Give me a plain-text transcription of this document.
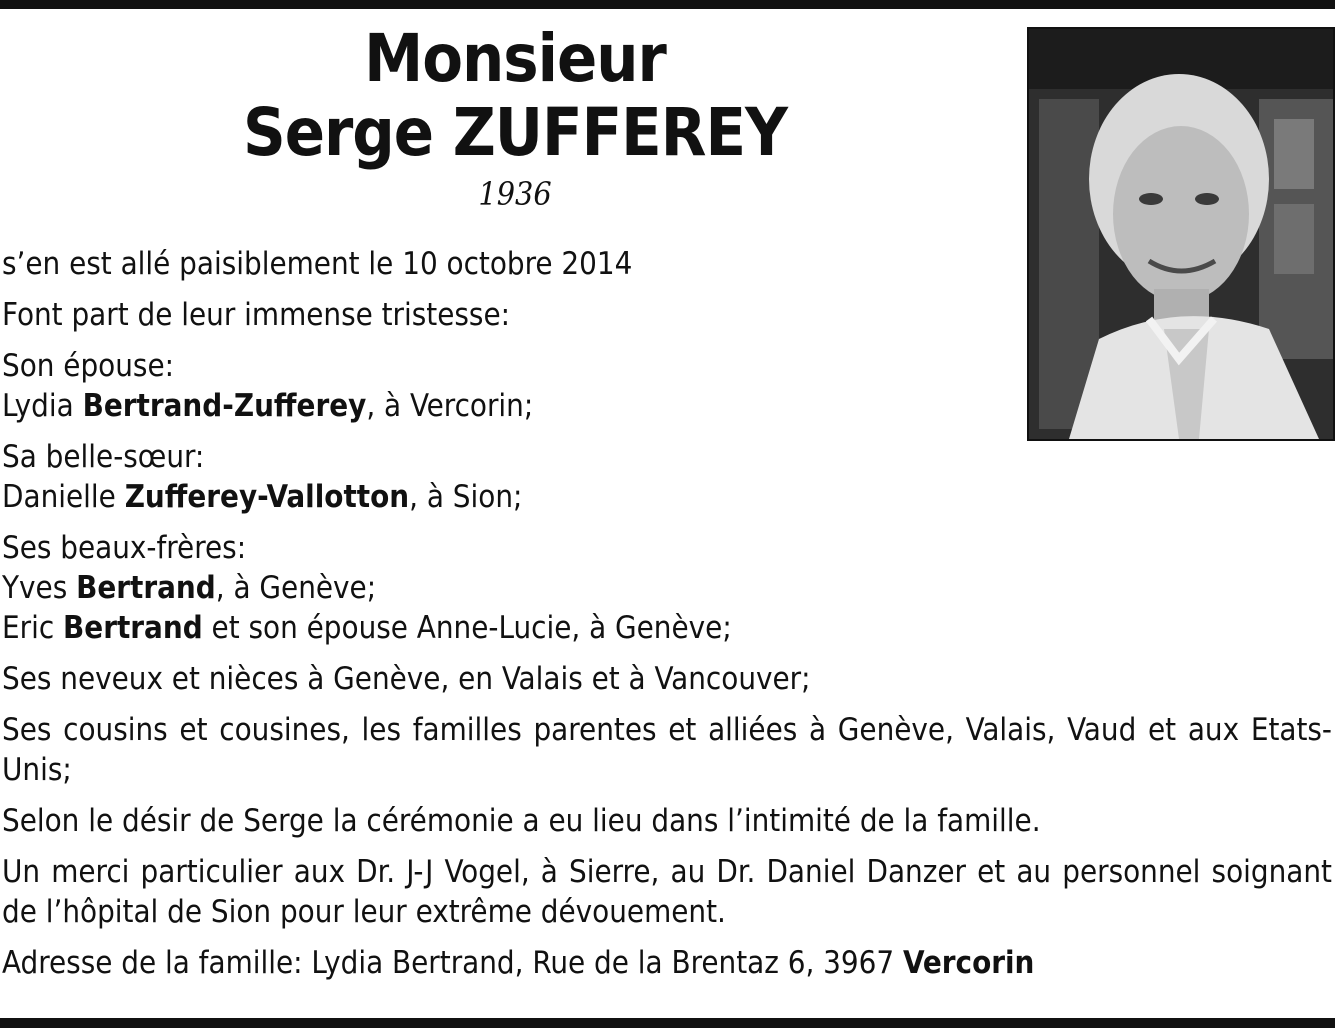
Monsieur
Serge ZUFFEREY
1936
s’en est allé paisiblement le 10 octobre 2014
Font part de leur immense tristesse:
Son épouse:
Lydia Bertrand-Zufferey, à Vercorin;
Sa belle-sœur:
Danielle Zufferey-Vallotton, à Sion;
Ses beaux-frères:
Yves Bertrand, à Genève;
Eric Bertrand et son épouse Anne-Lucie, à Genève;
Ses neveux et nièces à Genève, en Valais et à Vancouver;
Ses cousins et cousines, les familles parentes et alliées à Genève, Valais, Vaud et aux Etats-Unis;
Selon le désir de Serge la cérémonie a eu lieu dans l’intimité de la famille.
Un merci particulier aux Dr. J-J Vogel, à Sierre, au Dr. Daniel Danzer et au personnel soignant de l’hôpital de Sion pour leur extrême dévouement.
Adresse de la famille: Lydia Bertrand, Rue de la Brentaz 6, 3967 Vercorin
